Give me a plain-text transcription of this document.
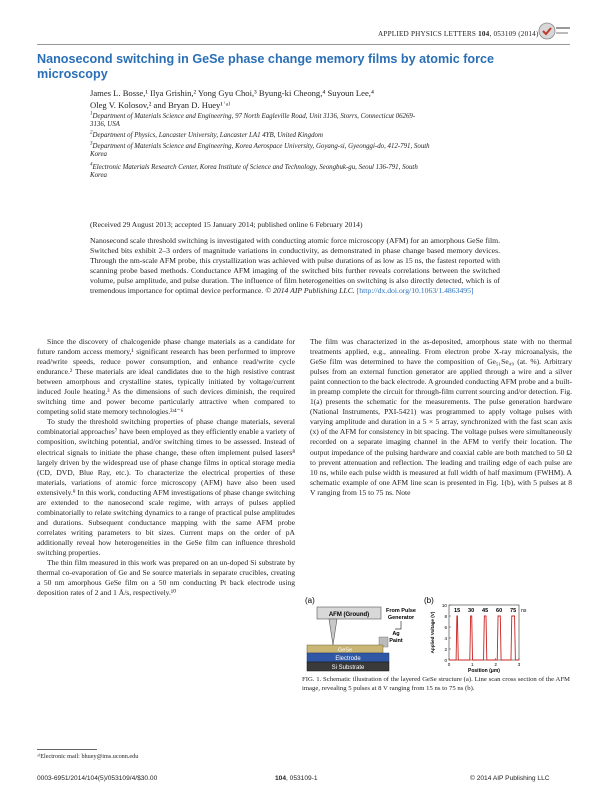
APPLIED PHYSICS LETTERS 104, 053109 (2014)
Nanosecond switching in GeSe phase change memory films by atomic force microscopy
James L. Bosse,¹ Ilya Grishin,² Yong Gyu Choi,³ Byung-ki Cheong,⁴ Suyoun Lee,⁴
Oleg V. Kolosov,² and Bryan D. Huey¹ʾᵃ⁾
$^1$Department of Materials Science and Engineering, 97 North Eagleville Road, Unit 3136, Storrs, Connecticut 06269-3136, USA
$^2$Department of Physics, Lancaster University, Lancaster LA1 4YB, United Kingdom
$^3$Department of Materials Science and Engineering, Korea Aerospace University, Goyang-si, Gyeonggi-do, 412-791, South Korea
$^4$Electronic Materials Research Center, Korea Institute of Science and Technology, Seongbuk-gu, Seoul 136-791, South Korea
(Received 29 August 2013; accepted 15 January 2014; published online 6 February 2014)
Nanosecond scale threshold switching is investigated with conducting atomic force microscopy (AFM) for an amorphous GeSe film. Switched bits exhibit 2–3 orders of magnitude variations in conductivity, as demonstrated in phase change based memory devices. Through the nm-scale AFM probe, this crystallization was achieved with pulse durations of as low as 15 ns, the fastest reported with scanning probe based methods. Conductance AFM imaging of the switched bits further reveals correlations between the switched volume, pulse amplitude, and pulse duration. The influence of film heterogeneities on switching is also directly detected, which is of tremendous importance for optimal device performance. © 2014 AIP Publishing LLC. [http://dx.doi.org/10.1063/1.4863495]

Since the discovery of chalcogenide phase change materials as a candidate for future random access memory,¹ significant research has been performed to improve read/write speeds, reduce power consumption, and enhance read/write cycle endurance.² These materials are ideal candidates due to the high resistive contrast between amorphous and crystalline states, typically initiated by voltage/current induced Joule heating.³ As the dimensions of such devices diminish, the required switching time and power become particularly attractive when compared to competing solid state memory technologies.²ʴ⁴⁻⁶

To study the threshold switching properties of phase change materials, several combinatorial approaches⁷ have been employed as they efficiently enable a variety of composition, switching potential, and/or switching times to be assessed. Instead of electrical signals to initiate the phase change, these often implement pulsed lasers⁸ largely driven by the widespread use of phase change films in optical storage media (CD, DVD, Blue Ray, etc.). To characterize the electrical properties of these materials, variations of atomic force microscopy (AFM) have also been used extensively.⁹ In this work, conducting AFM investigations of phase change switching are extended to the nanosecond scale regime, with arrays of pulses applied combinatorially to relate switching dynamics to a range of practical pulse amplitudes and durations. Subsequent conductance mapping with the same AFM probe correlates writing parameters to bit sizes. Current maps on the order of pA additionally reveal how heterogeneities in the GeSe film can influence threshold switching properties.

The thin film measured in this work was prepared on an un-doped Si substrate by thermal co-evaporation of Ge and Se source materials in separate crucibles, creating a 50 nm amorphous GeSe film on a 50 nm conducting Pt back electrode using deposition rates of 2 and 1 Å/s, respectively.¹⁰

The film was characterized in the as-deposited, amorphous state with no thermal treatments applied, e.g., annealing. From electron probe X-ray microanalysis, the GeSe film was determined to have the composition of Ge₅₁Se₄₉ (at. %). Arbitrary pulses from an external function generator are applied through a wire and a silver paint connection to the back electrode. A grounded conducting AFM probe and a built-in preamp complete the circuit for through-film current sourcing and/or detection. Fig. 1(a) presents the schematic for the measurements. The pulse generation hardware (National Instruments, PXI-5421) was programmed to apply voltage pulses with varying amplitude and duration in a 5 × 5 array, synchronized with the fast scan axis (x) of the AFM for consistency in bit spacing. The voltage pulses were simultaneously recorded on a separate imaging channel in the AFM to verify their location. The output impedance of the pulsing hardware and coaxial cable are both matched to 50 Ω to prevent attenuation and reflection. The leading and trailing edge of each pulse are 10 ns, while each pulse width is measured at full width of half maximum (FWHM). A schematic example of one AFM line scan is presented in Fig. 1(b), with 5 pulses at 8 V ranging from 15 to 75 ns. Note

(a)
AFM (Ground)
From Pulse
Generator
Ag
Paint
GeSe
Electrode
Si Substrate
(b)
0
2
4
6
8
10
0	1	2	3
Position (μm)
Applied Voltage (V)
15 30 45 60 75 ns
FIG. 1. Schematic illustration of the layered GeSe structure (a). Line scan cross section of the AFM image, revealing 5 pulses at 8 V ranging from 15 ns to 75 ns (b).
ᵃ⁾Electronic mail: bhuey@ims.uconn.edu
0003-6951/2014/104(5)/053109/4/$30.00	104, 053109-1	© 2014 AIP Publishing LLC
